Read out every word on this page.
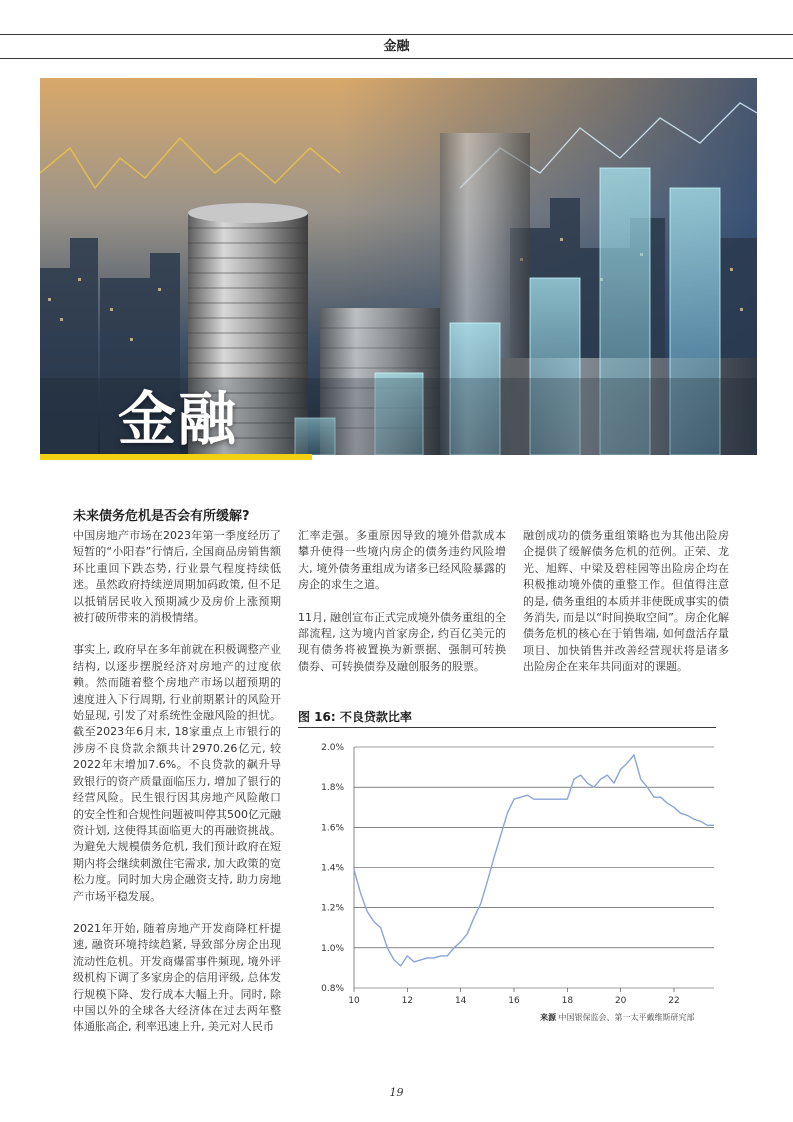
金融
金融
未来债务危机是否会有所缓解?

中国房地产市场在2023年第一季度经历了短暂的“小阳春”行情后, 全国商品房销售额环比重回下跌态势, 行业景气程度持续低迷。虽然政府持续逆周期加码政策, 但不足以抵销居民收入预期减少及房价上涨预期被打破所带来的消极情绪。

事实上, 政府早在多年前就在积极调整产业结构, 以逐步摆脱经济对房地产的过度依赖。然而随着整个房地产市场以超预期的速度进入下行周期, 行业前期累计的风险开始显现, 引发了对系统性金融风险的担忧。截至2023年6月末, 18家重点上市银行的涉房不良贷款余额共计2970.26亿元, 较2022年末增加7.6%。不良贷款的飙升导致银行的资产质量面临压力, 增加了银行的经营风险。民生银行因其房地产风险敞口的安全性和合规性问题被叫停其500亿元融资计划, 这使得其面临更大的再融资挑战。为避免大规模债务危机, 我们预计政府在短期内将会继续刺激住宅需求, 加大政策的宽松力度。同时加大房企融资支持, 助力房地产市场平稳发展。

2021年开始, 随着房地产开发商降杠杆提速, 融资环境持续趋紧, 导致部分房企出现流动性危机。开发商爆雷事件频现, 境外评级机构下调了多家房企的信用评级, 总体发行规模下降、发行成本大幅上升。同时, 除中国以外的全球各大经济体在过去两年整体通胀高企, 利率迅速上升, 美元对人民币

汇率走强。多重原因导致的境外借款成本攀升使得一些境内房企的债务违约风险增大, 境外债务重组成为诸多已经风险暴露的房企的求生之道。

11月, 融创宣布正式完成境外债务重组的全部流程, 这为境内首家房企, 约百亿美元的现有债务将被置换为新票据、强制可转换债券、可转换债券及融创服务的股票。

融创成功的债务重组策略也为其他出险房企提供了缓解债务危机的范例。正荣、龙光、旭辉、中梁及碧桂园等出险房企均在积极推动境外债的重整工作。但值得注意的是, 债务重组的本质并非使既成事实的债务消失, 而是以“时间换取空间”。房企化解债务危机的核心在于销售端, 如何盘活存量项目、加快销售并改善经营现状将是诸多出险房企在来年共同面对的课题。

图 16: 不良贷款比率
2.0%
1.8%
1.6%
1.4%
1.2%
1.0%
0.8%
10	12	14	16	18	20	22
来源 中国银保监会、第一太平戴维斯研究部
19
